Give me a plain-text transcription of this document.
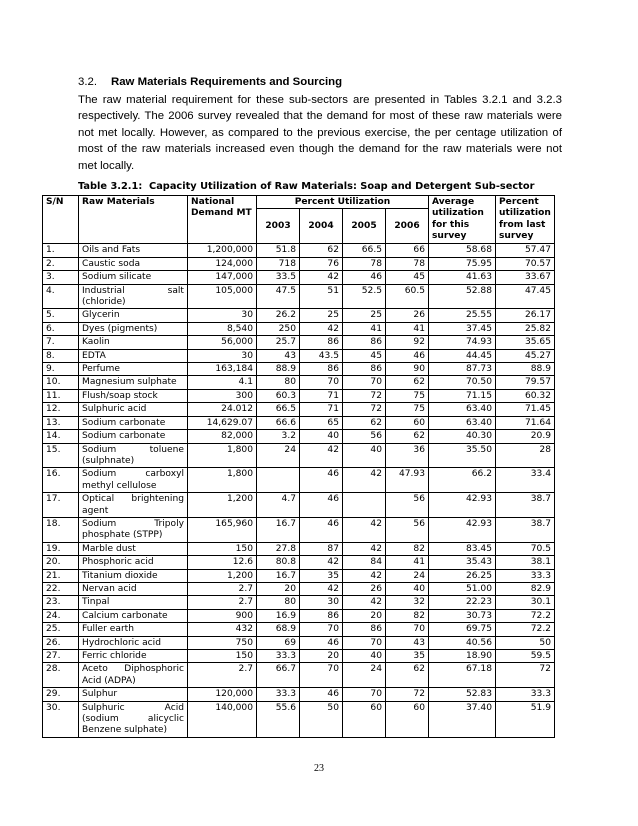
3.2. Raw Materials Requirements and Sourcing

The raw material requirement for these sub-sectors are presented in Tables 3.2.1 and 3.2.3 respectively. The 2006 survey revealed that the demand for most of these raw materials were not met locally. However, as compared to the previous exercise, the per centage utilization of most of the raw materials increased even though the demand for the raw materials were not met locally.

Table 3.2.1: Capacity Utilization of Raw Materials: Soap and Detergent Sub-sector
S/N	Raw Materials	National Demand MT	Percent Utilization				Average utilization for this survey	Percent utilization from last survey
			2003	2004	2005	2006		
1.	Oils and Fats	1,200,000	51.8	62	66.5	66	58.68	57.47
2.	Caustic soda	124,000	718	76	78	78	75.95	70.57
3.	Sodium silicate	147,000	33.5	42	46	45	41.63	33.67
4.	Industrial salt (chloride)	105,000	47.5	51	52.5	60.5	52.88	47.45
5.	Glycerin	30	26.2	25	25	26	25.55	26.17
6.	Dyes (pigments)	8,540	250	42	41	41	37.45	25.82
7.	Kaolin	56,000	25.7	86	86	92	74.93	35.65
8.	EDTA	30	43	43.5	45	46	44.45	45.27
9.	Perfume	163,184	88.9	86	86	90	87.73	88.9
10.	Magnesium sulphate	4.1	80	70	70	62	70.50	79.57
11.	Flush/soap stock	300	60.3	71	72	75	71.15	60.32
12.	Sulphuric acid	24.012	66.5	71	72	75	63.40	71.45
13.	Sodium carbonate	14,629.07	66.6	65	62	60	63.40	71.64
14.	Sodium carbonate	82,000	3.2	40	56	62	40.30	20.9
15.	Sodium toluene (sulphnate)	1,800	24	42	40	36	35.50	28
16.	Sodium carboxyl methyl cellulose	1,800		46	42	47.93	66.2	33.4
17.	Optical brightening agent	1,200	4.7	46		56	42.93	38.7
18.	Sodium Tripoly phosphate (STPP)	165,960	16.7	46	42	56	42.93	38.7
19.	Marble dust	150	27.8	87	42	82	83.45	70.5
20.	Phosphoric acid	12.6	80.8	42	84	41	35.43	38.1
21.	Titanium dioxide	1,200	16.7	35	42	24	26.25	33.3
22.	Nervan acid	2.7	20	42	26	40	51.00	82.9
23.	Tinpal	2.7	80	30	42	32	22.23	30.1
24.	Calcium carbonate	900	16.9	86	20	82	30.73	72.2
25.	Fuller earth	432	68.9	70	86	70	69.75	72.2
26.	Hydrochloric acid	750	69	46	70	43	40.56	50
27.	Ferric chloride	150	33.3	20	40	35	18.90	59.5
28.	Aceto Diphosphoric Acid (ADPA)	2.7	66.7	70	24	62	67.18	72
29.	Sulphur	120,000	33.3	46	70	72	52.83	33.3
30.	Sulphuric Acid (sodium alicyclic Benzene sulphate)	140,000	55.6	50	60	60	37.40	51.9
23
